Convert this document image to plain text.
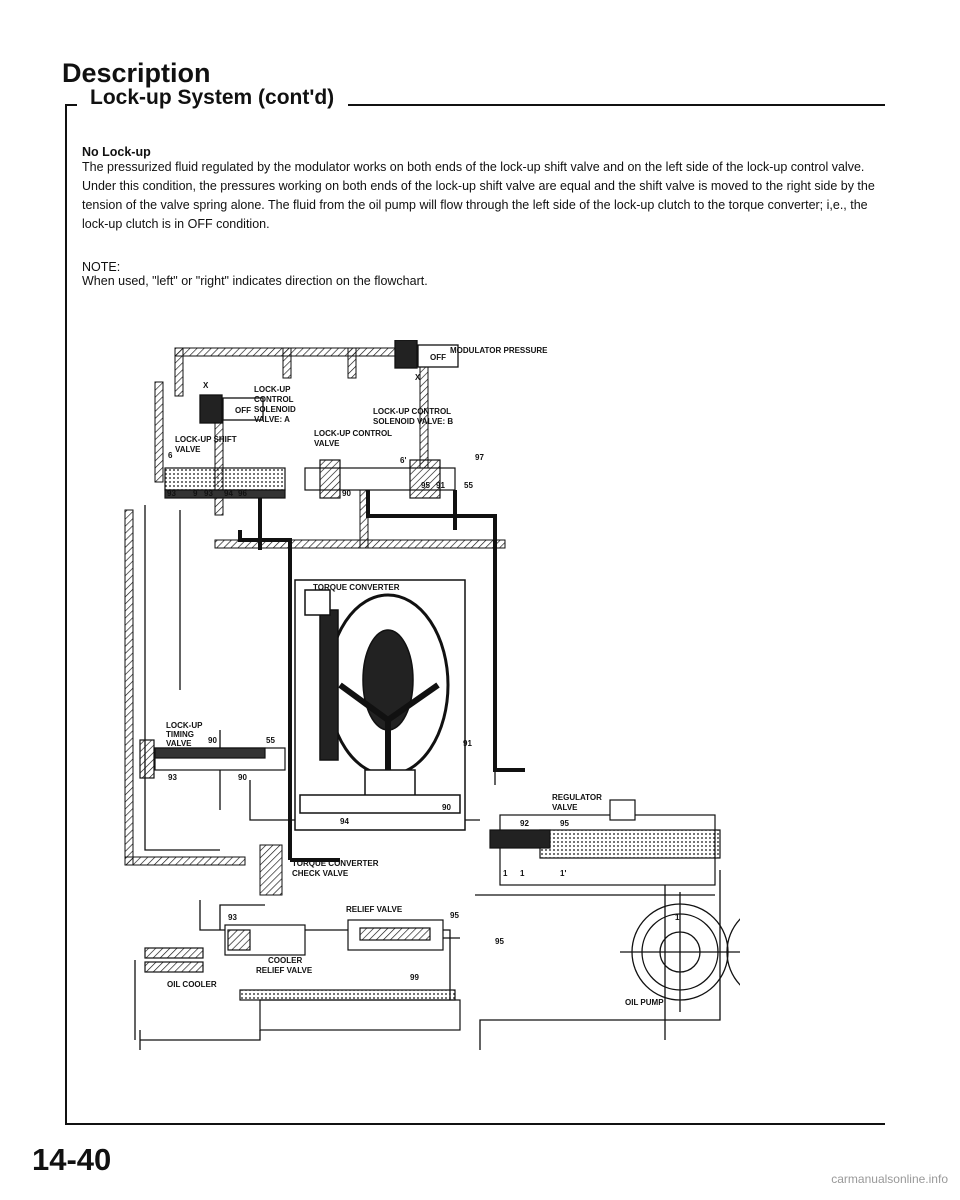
Description
Lock-up System (cont'd)
No Lock-up
The pressurized fluid regulated by the modulator works on both ends of the lock-up shift valve and on the left side of the lock-up control valve. Under this condition, the pressures working on both ends of the lock-up shift valve are equal and the shift valve is moved to the right side by the tension of the valve spring alone. The fluid from the oil pump will flow through the left side of the lock-up clutch to the torque converter; i,e., the lock-up clutch is in OFF condition.
NOTE:
When used, "left" or "right" indicates direction on the flowchart.
MODULATOR PRESSURE
OFF
OFF
X
X
LOCK-UP
CONTROL
SOLENOID
VALVE: A
LOCK-UP CONTROL
SOLENOID VALVE: B
LOCK-UP SHIFT
VALVE
LOCK-UP CONTROL
VALVE
TORQUE CONVERTER
LOCK-UP
TIMING
VALVE
REGULATOR
VALVE
TORQUE CONVERTER
CHECK VALVE
RELIEF VALVE
COOLER
RELIEF VALVE
OIL COOLER
OIL PUMP
6
93 9 93 94 96	90
95 91 55
97
6'
90	55
93	90
91
90
94	92	95
93	95
95
99
1 1
1
1'
14-40
carmanualsonline.info
